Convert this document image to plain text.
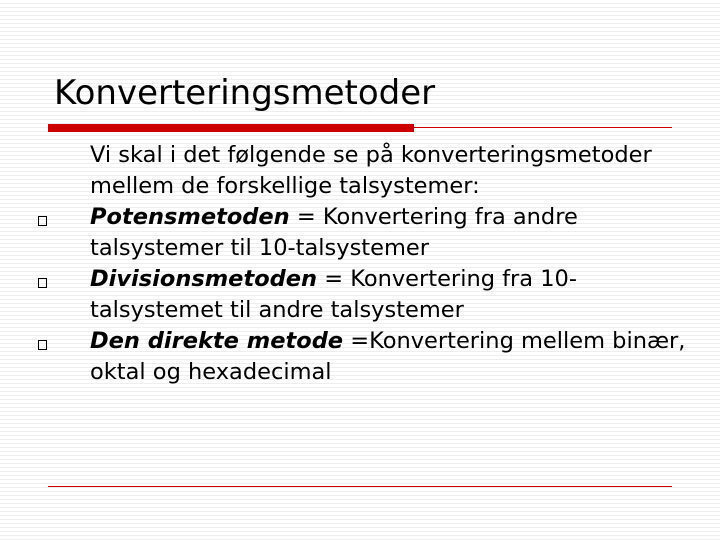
Konverteringsmetoder

Vi skal i det følgende se på konverteringsmetoder mellem de forskellige talsystemer:

Potensmetoden = Konvertering fra andre talsystemer til 10-talsystemer

Divisionsmetoden = Konvertering fra 10-talsystemet til andre talsystemer

Den direkte metode =Konvertering mellem binær, oktal og hexadecimal
